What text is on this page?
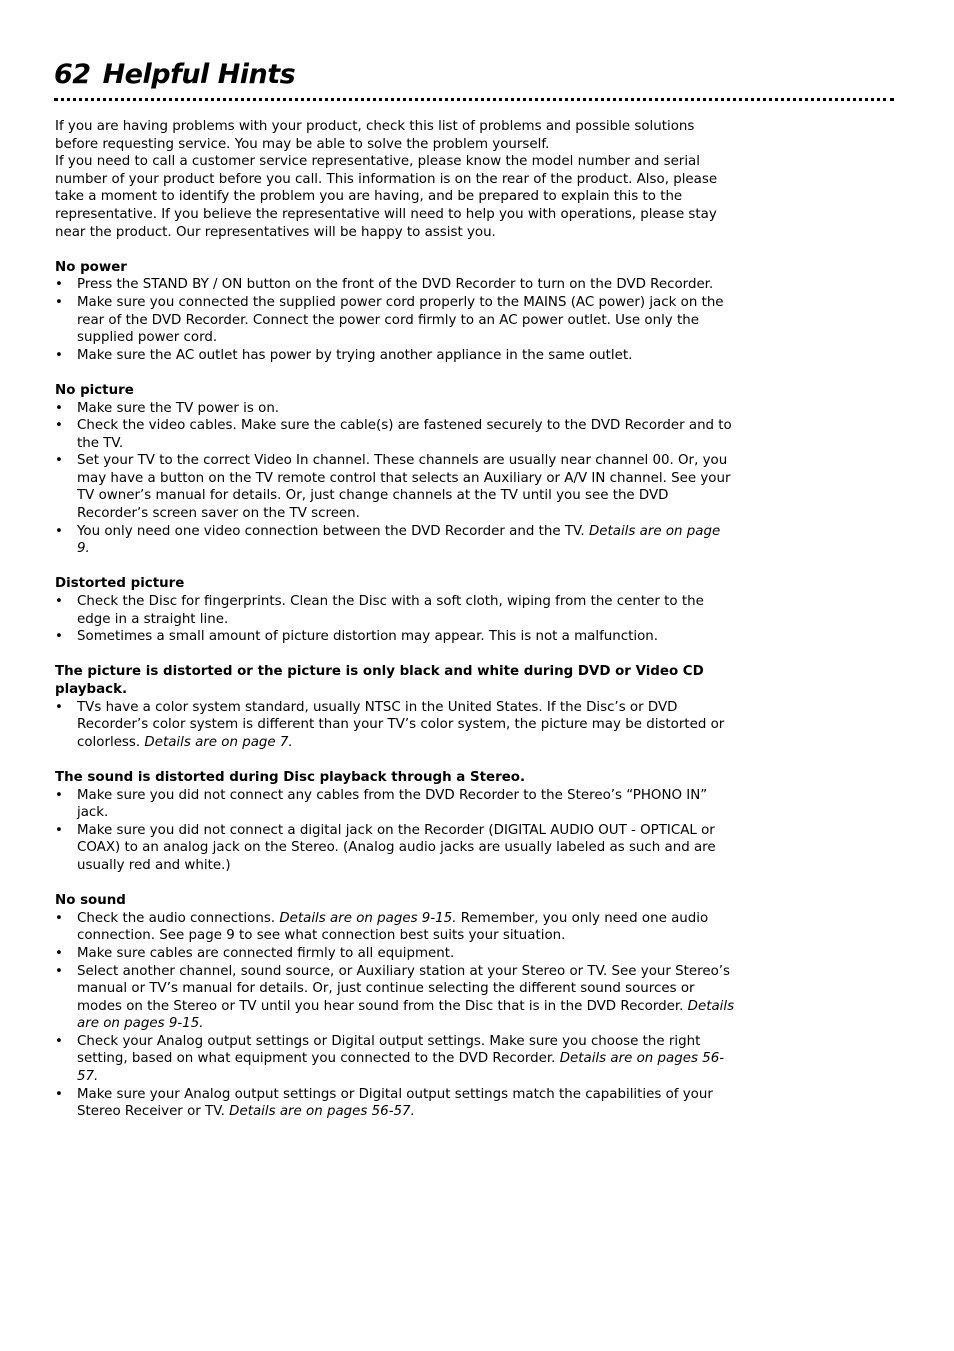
62 Helpful Hints

If you are having problems with your product, check this list of problems and possible solutions before requesting service. You may be able to solve the problem yourself.

If you need to call a customer service representative, please know the model number and serial number of your product before you call. This information is on the rear of the product. Also, please take a moment to identify the problem you are having, and be prepared to explain this to the representative. If you believe the representative will need to help you with operations, please stay near the product. Our representatives will be happy to assist you.

No power
• Press the STAND BY / ON button on the front of the DVD Recorder to turn on the DVD Recorder.
• Make sure you connected the supplied power cord properly to the MAINS (AC power) jack on the rear of the DVD Recorder. Connect the power cord firmly to an AC power outlet. Use only the supplied power cord.
• Make sure the AC outlet has power by trying another appliance in the same outlet.
No picture
• Make sure the TV power is on.
• Check the video cables. Make sure the cable(s) are fastened securely to the DVD Recorder and to the TV.
• Set your TV to the correct Video In channel. These channels are usually near channel 00. Or, you may have a button on the TV remote control that selects an Auxiliary or A/V IN channel. See your TV owner’s manual for details. Or, just change channels at the TV until you see the DVD Recorder’s screen saver on the TV screen.
• You only need one video connection between the DVD Recorder and the TV. Details are on page 9.
Distorted picture
• Check the Disc for fingerprints. Clean the Disc with a soft cloth, wiping from the center to the edge in a straight line.
• Sometimes a small amount of picture distortion may appear. This is not a malfunction.
The picture is distorted or the picture is only black and white during DVD or Video CD playback.
• TVs have a color system standard, usually NTSC in the United States. If the Disc’s or DVD Recorder’s color system is different than your TV’s color system, the picture may be distorted or colorless. Details are on page 7.
The sound is distorted during Disc playback through a Stereo.
• Make sure you did not connect any cables from the DVD Recorder to the Stereo’s “PHONO IN” jack.
• Make sure you did not connect a digital jack on the Recorder (DIGITAL AUDIO OUT - OPTICAL or COAX) to an analog jack on the Stereo. (Analog audio jacks are usually labeled as such and are usually red and white.)
No sound
• Check the audio connections. Details are on pages 9-15. Remember, you only need one audio connection. See page 9 to see what connection best suits your situation.
• Make sure cables are connected firmly to all equipment.
• Select another channel, sound source, or Auxiliary station at your Stereo or TV. See your Stereo’s manual or TV’s manual for details. Or, just continue selecting the different sound sources or modes on the Stereo or TV until you hear sound from the Disc that is in the DVD Recorder. Details are on pages 9-15.
• Check your Analog output settings or Digital output settings. Make sure you choose the right setting, based on what equipment you connected to the DVD Recorder. Details are on pages 56-57.
• Make sure your Analog output settings or Digital output settings match the capabilities of your Stereo Receiver or TV. Details are on pages 56-57.
